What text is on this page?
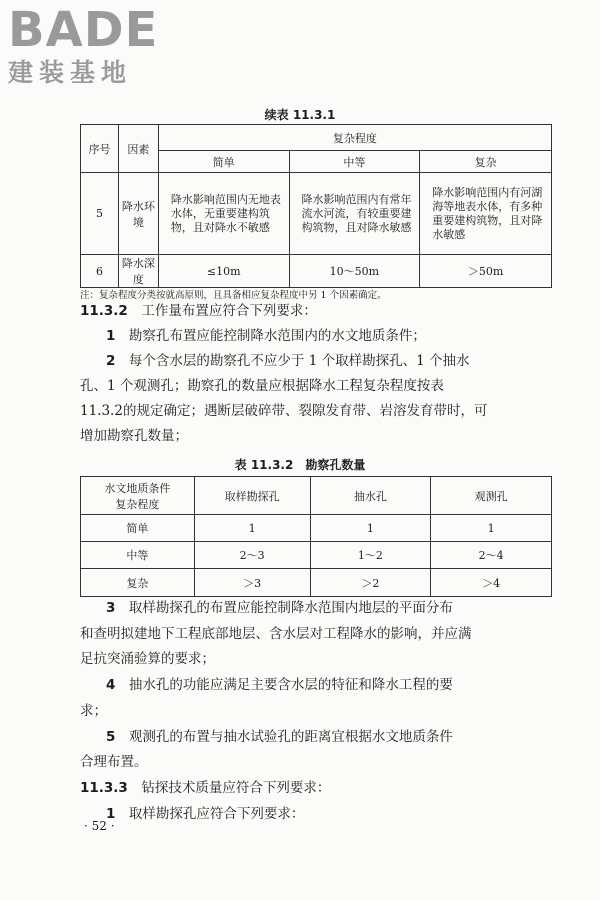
BADE
建装基地
续表 11.3.1
序号	因素	复杂程度		
		简单	中等	复杂
5	降水环境	降水影响范围内无地表水体，无重要建构筑物，且对降水不敏感	降水影响范围内有常年流水河流，有较重要建构筑物，且对降水敏感	降水影响范围内有河湖海等地表水体，有多种重要建构筑物，且对降水敏感
6	降水深度	≤10m	10～50m	＞50m
注：复杂程度分类按就高原则，且具备相应复杂程度中另 1 个因素确定。
11.3.2　 工作量布置应符合下列要求：
1　 勘察孔布置应能控制降水范围内的水文地质条件；
2　 每个含水层的勘察孔不应少于 1 个取样勘探孔、1 个抽水
孔、1 个观测孔；勘察孔的数量应根据降水工程复杂程度按表
11.3.2的规定确定；遇断层破碎带、裂隙发育带、岩溶发育带时，可
增加勘察孔数量；
表 11.3.2　勘察孔数量
水文地质条件
复杂程度	取样勘探孔	抽水孔	观测孔
简单	1	1	1
中等	2～3	1～2	2～4
复杂	＞3	＞2	＞4
3　 取样勘探孔的布置应能控制降水范围内地层的平面分布
和查明拟建地下工程底部地层、含水层对工程降水的影响，并应满
足抗突涌验算的要求；
4　 抽水孔的功能应满足主要含水层的特征和降水工程的要
求；
5　 观测孔的布置与抽水试验孔的距离宜根据水文地质条件
合理布置。
11.3.3　 钻探技术质量应符合下列要求：
1　 取样勘探孔应符合下列要求：
· 52 ·
